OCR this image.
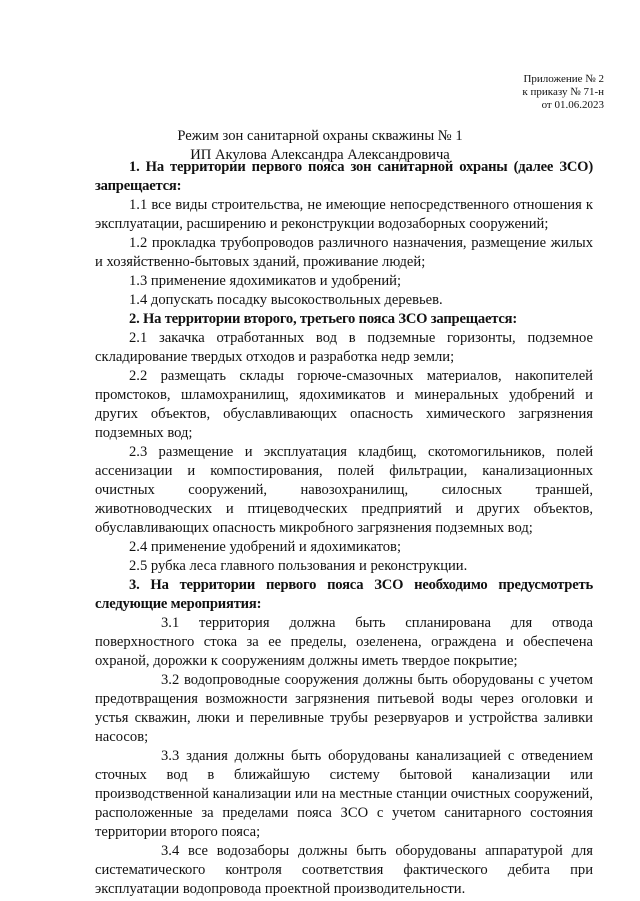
Приложение № 2
к приказу № 71-н
от 01.06.2023
Режим зон санитарной охраны скважины № 1
ИП Акулова Александра Александровича

1. На территории первого пояса зон санитарной охраны (далее ЗСО) запрещается:

1.1 все виды строительства, не имеющие непосредственного отношения к эксплуатации, расширению и реконструкции водозаборных сооружений;

1.2 прокладка трубопроводов различного назначения, размещение жилых и хозяйственно-бытовых зданий, проживание людей;

1.3 применение ядохимикатов и удобрений;

1.4 допускать посадку высокоствольных деревьев.

2. На территории второго, третьего пояса ЗСО запрещается:

2.1 закачка отработанных вод в подземные горизонты, подземное складирование твердых отходов и разработка недр земли;

2.2 размещать склады горюче-смазочных материалов, накопителей промстоков, шламохранилищ, ядохимикатов и минеральных удобрений и других объектов, обуславливающих опасность химического загрязнения подземных вод;

2.3 размещение и эксплуатация кладбищ, скотомогильников, полей ассенизации и компостирования, полей фильтрации, канализационных очистных сооружений, навозохранилищ, силосных траншей, животноводческих и птицеводческих предприятий и других объектов, обуславливающих опасность микробного загрязнения подземных вод;

2.4 применение удобрений и ядохимикатов;

2.5 рубка леса главного пользования и реконструкции.

3. На территории первого пояса ЗСО необходимо предусмотреть следующие мероприятия:

3.1 территория должна быть спланирована для отвода поверхностного стока за ее пределы, озеленена, ограждена и обеспечена охраной, дорожки к сооружениям должны иметь твердое покрытие;

3.2 водопроводные сооружения должны быть оборудованы с учетом предотвращения возможности загрязнения питьевой воды через оголовки и устья скважин, люки и переливные трубы резервуаров и устройства заливки насосов;

3.3 здания должны быть оборудованы канализацией с отведением сточных вод в ближайшую систему бытовой канализации или производственной канализации или на местные станции очистных сооружений, расположенные за пределами пояса ЗСО с учетом санитарного состояния территории второго пояса;

3.4 все водозаборы должны быть оборудованы аппаратурой для систематического контроля соответствия фактического дебита при эксплуатации водопровода проектной производительности.
